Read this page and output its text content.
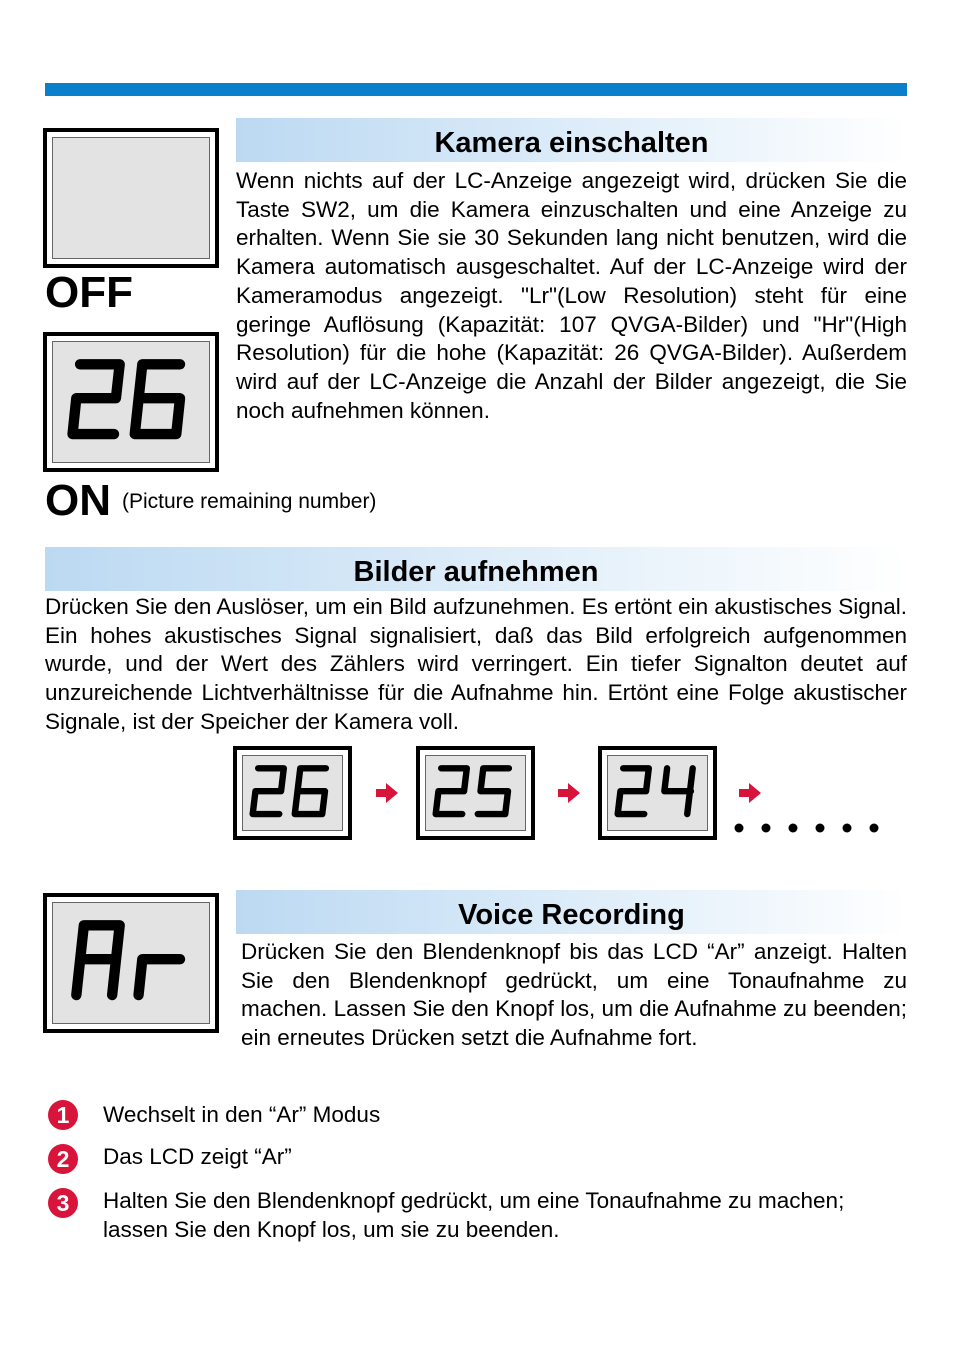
OFF
ON (Picture remaining number)
Kamera einschalten
Wenn nichts auf der LC-Anzeige angezeigt wird, drücken Sie die Taste SW2, um die Kamera einzuschalten und eine Anzeige zu erhalten. Wenn Sie sie 30 Sekunden lang nicht benutzen, wird die Kamera automatisch ausgeschaltet. Auf der LC-Anzeige wird der Kameramodus angezeigt. "Lr"(Low Resolution) steht für eine geringe Auflösung (Kapazität: 107 QVGA-Bilder) und "Hr"(High Resolution) für die hohe (Kapazität: 26 QVGA-Bilder). Außerdem wird auf der LC-Anzeige die Anzahl der Bilder angezeigt, die Sie noch aufnehmen können.
Bilder aufnehmen
Drücken Sie den Auslöser, um ein Bild aufzunehmen. Es ertönt ein akustisches Signal. Ein hohes akustisches Signal signalisiert, daß das Bild erfolgreich aufgenommen wurde, und der Wert des Zählers wird verringert. Ein tiefer Signalton deutet auf unzureichende Lichtverhältnisse für die Aufnahme hin. Ertönt eine Folge akustischer Signale, ist der Speicher der Kamera voll.
Voice Recording
Drücken Sie den Blendenknopf bis das LCD “Ar” anzeigt. Halten Sie den Blendenknopf gedrückt, um eine Tonaufnahme zu machen. Lassen Sie den Knopf los, um die Aufnahme zu beenden; ein erneutes Drücken setzt die Aufnahme fort.
1 Wechselt in den “Ar” Modus
2 Das LCD zeigt “Ar”
3 Halten Sie den Blendenknopf gedrückt, um eine Tonaufnahme zu machen; lassen Sie den Knopf los, um sie zu beenden.
